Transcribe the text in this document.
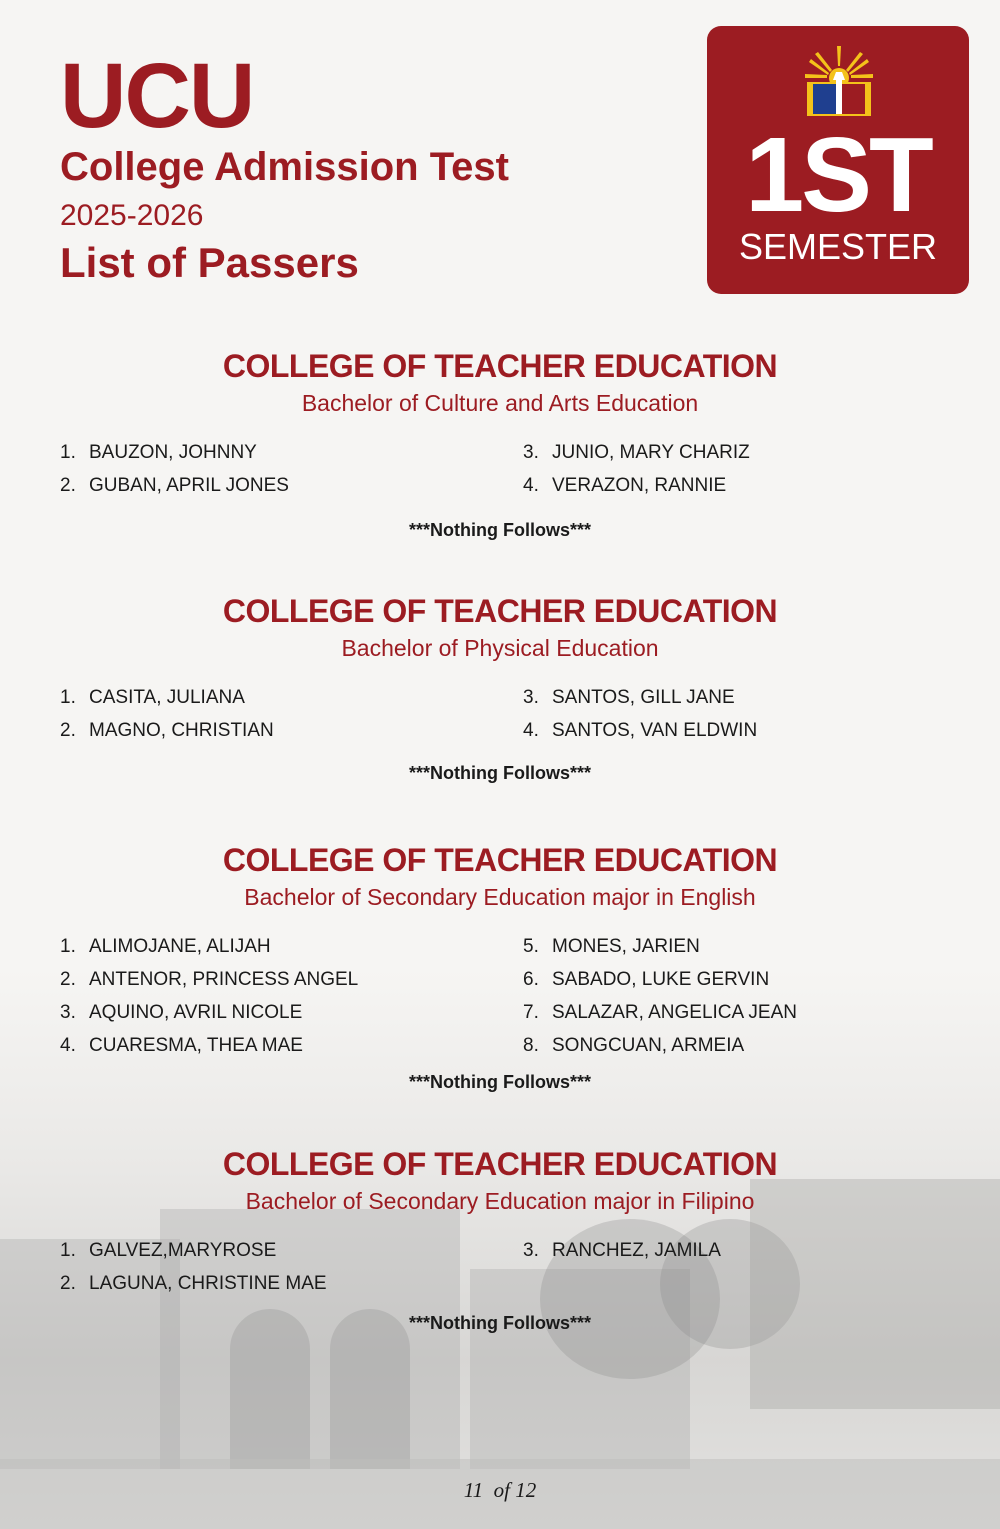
UCU
College Admission Test
2025-2026
List of Passers
1ST
SEMESTER
COLLEGE OF TEACHER EDUCATION
Bachelor of Culture and Arts Education
1. BAUZON, JOHNNY
2. GUBAN, APRIL JONES
3. JUNIO, MARY CHARIZ
4. VERAZON, RANNIE
***Nothing Follows***
COLLEGE OF TEACHER EDUCATION
Bachelor of Physical Education
1. CASITA, JULIANA
2. MAGNO, CHRISTIAN
3. SANTOS, GILL JANE
4. SANTOS, VAN ELDWIN
***Nothing Follows***
COLLEGE OF TEACHER EDUCATION
Bachelor of Secondary Education major in English
1. ALIMOJANE, ALIJAH
2. ANTENOR, PRINCESS ANGEL
3. AQUINO, AVRIL NICOLE
4. CUARESMA, THEA MAE
5. MONES, JARIEN
6. SABADO, LUKE GERVIN
7. SALAZAR, ANGELICA JEAN
8. SONGCUAN, ARMEIA
***Nothing Follows***
COLLEGE OF TEACHER EDUCATION
Bachelor of Secondary Education major in Filipino
1. GALVEZ,MARYROSE
2. LAGUNA, CHRISTINE MAE
3. RANCHEZ, JAMILA
***Nothing Follows***
11 of 12
